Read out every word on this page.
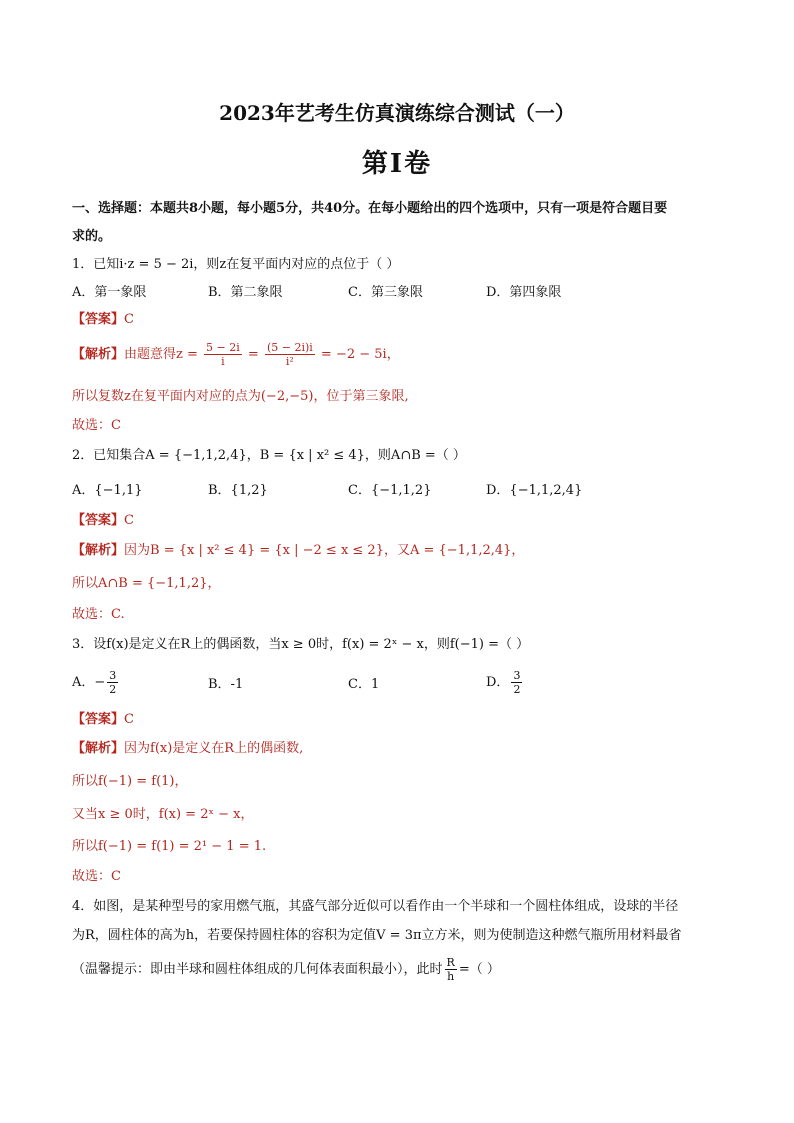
2023年艺考生仿真演练综合测试（一）
第Ⅰ卷
一、选择题：本题共8小题，每小题5分，共40分。在每小题给出的四个选项中，只有一项是符合题目要
求的。
1．已知i·z = 5 − 2i，则z在复平面内对应的点位于（ ）
A．第一象限	B．第二象限	C．第三象限	D．第四象限
【答案】C
【解析】由题意得$z = \frac{5 - 2i}{i} = \frac{(5 - 2i)i}{\text{i²}} = -2 - 5i$，
所以复数z在复平面内对应的点为(−2,−5)，位于第三象限,
故选：C
2．已知集合A = {−1,1,2,4}，B = {x | x² ≤ 4}，则A∩B =（ ）
A．{−1,1}	B．{1,2}	C．{−1,1,2}	D．{−1,1,2,4}
【答案】C
【解析】因为B = {x | x² ≤ 4} = {x | −2 ≤ x ≤ 2}，又A = {−1,1,2,4}，
所以A∩B = {−1,1,2}，
故选：C.
3．设f(x)是定义在R上的偶函数，当x ≥ 0时，f(x) = 2ˣ − x，则f(−1) =（ ）
A．− $\frac{3}{2}$	B．-1	C．1	D． $\frac{3}{2}$
【答案】C
【解析】因为f(x)是定义在R上的偶函数,
所以f(−1) = f(1)，
又当x ≥ 0时，f(x) = 2ˣ − x，
所以f(−1) = f(1) = 2¹ − 1 = 1.
故选：C
4．如图，是某种型号的家用燃气瓶，其盛气部分近似可以看作由一个半球和一个圆柱体组成，设球的半径
为R，圆柱体的高为h，若要保持圆柱体的容积为定值V = 3π立方米，则为使制造这种燃气瓶所用材料最省
（温馨提示：即由半球和圆柱体组成的几何体表面积最小），此时 $\frac{R}{h}$ =（ ）
